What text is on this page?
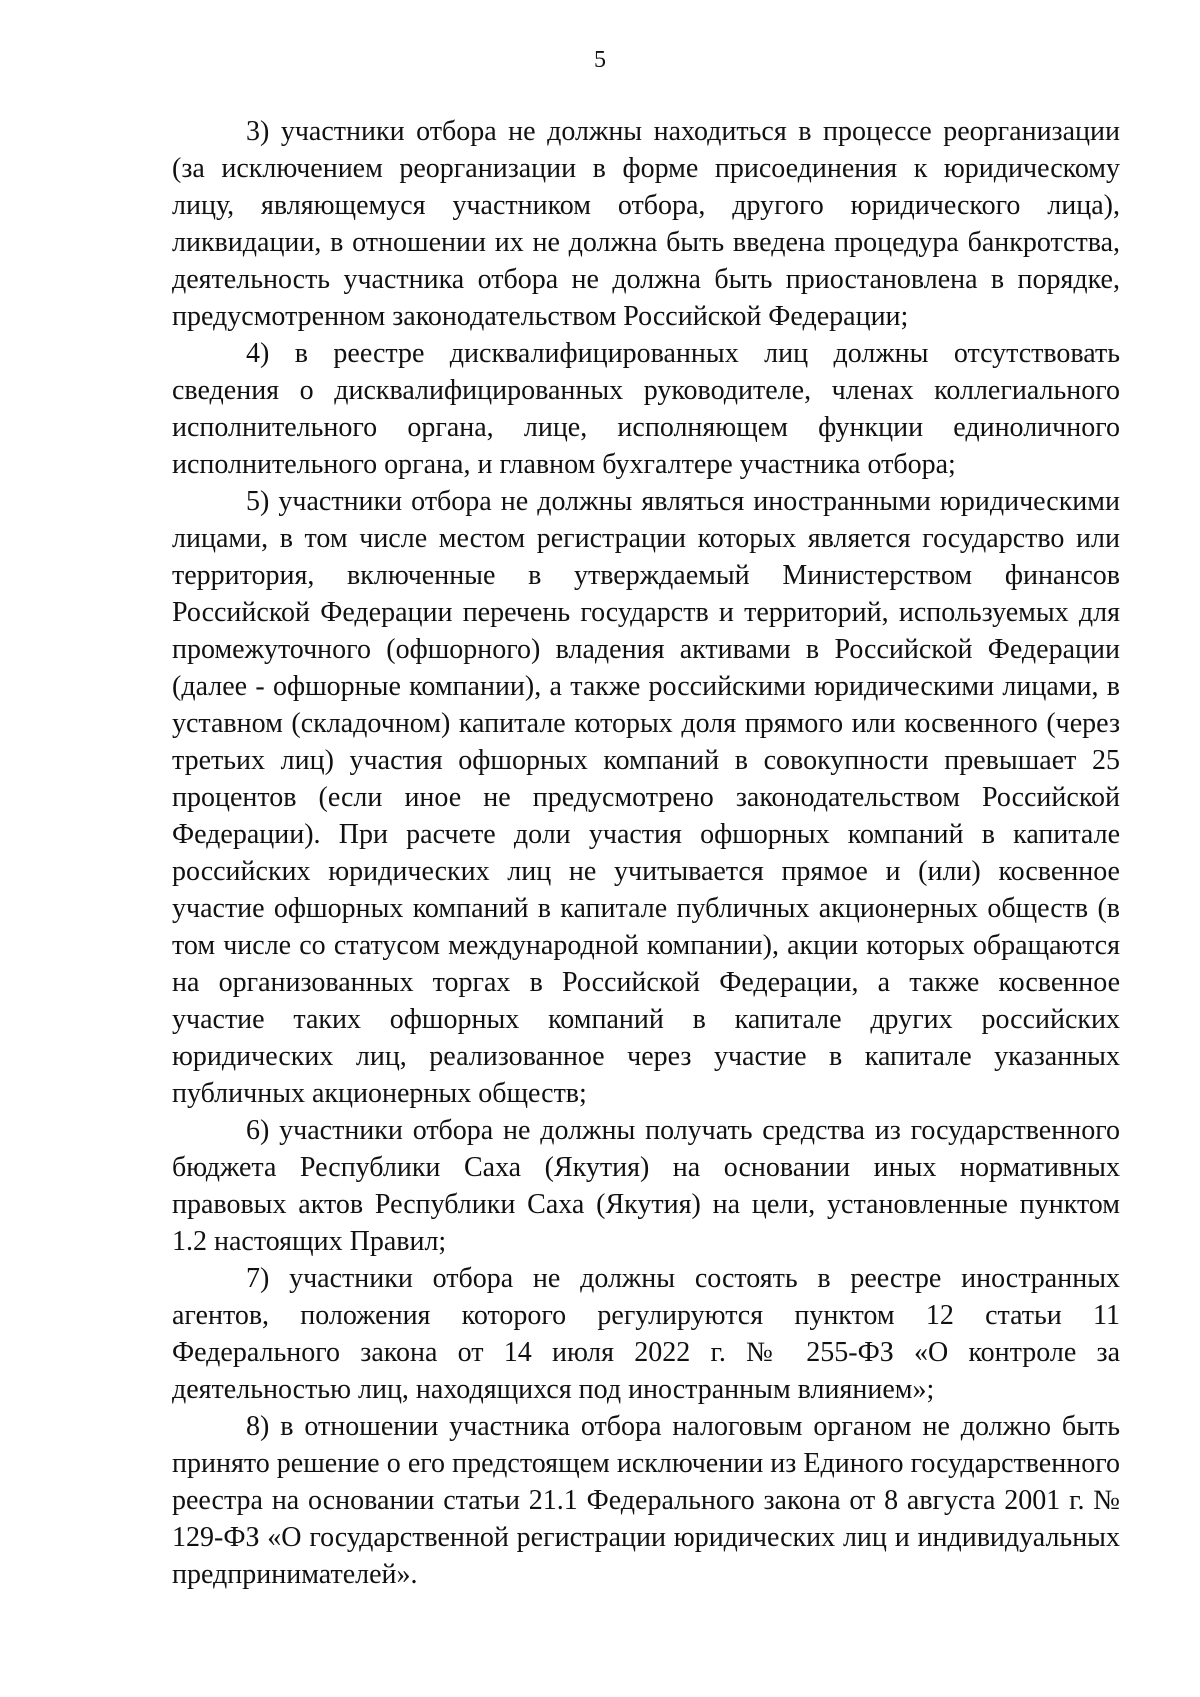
5

3) участники отбора не должны находиться в процессе реорганизации (за исключением реорганизации в форме присоединения к юридическому лицу, являющемуся участником отбора, другого юридического лица), ликвидации, в отношении их не должна быть введена процедура банкротства, деятельность участника отбора не должна быть приостановлена в порядке, предусмотренном законодательством Российской Федерации;

4) в реестре дисквалифицированных лиц должны отсутствовать сведения о дисквалифицированных руководителе, членах коллегиального исполнительного органа, лице, исполняющем функции единоличного исполнительного органа, и главном бухгалтере участника отбора;

5) участники отбора не должны являться иностранными юридическими лицами, в том числе местом регистрации которых является государство или территория, включенные в утверждаемый Министерством финансов Российской Федерации перечень государств и территорий, используемых для промежуточного (офшорного) владения активами в Российской Федерации (далее - офшорные компании), а также российскими юридическими лицами, в уставном (складочном) капитале которых доля прямого или косвенного (через третьих лиц) участия офшорных компаний в совокупности превышает 25 процентов (если иное не предусмотрено законодательством Российской Федерации). При расчете доли участия офшорных компаний в капитале российских юридических лиц не учитывается прямое и (или) косвенное участие офшорных компаний в капитале публичных акционерных обществ (в том числе со статусом международной компании), акции которых обращаются на организованных торгах в Российской Федерации, а также косвенное участие таких офшорных компаний в капитале других российских юридических лиц, реализованное через участие в капитале указанных публичных акционерных обществ;

6) участники отбора не должны получать средства из государственного бюджета Республики Саха (Якутия) на основании иных нормативных правовых актов Республики Саха (Якутия) на цели, установленные пунктом 1.2 настоящих Правил;

7) участники отбора не должны состоять в реестре иностранных агентов, положения которого регулируются пунктом 12 статьи 11 Федерального закона от 14 июля 2022 г. № 255-ФЗ «О контроле за деятельностью лиц, находящихся под иностранным влиянием»;

8) в отношении участника отбора налоговым органом не должно быть принято решение о его предстоящем исключении из Единого государственного реестра на основании статьи 21.1 Федерального закона от 8 августа 2001 г. № 129-ФЗ «О государственной регистрации юридических лиц и индивидуальных предпринимателей».
